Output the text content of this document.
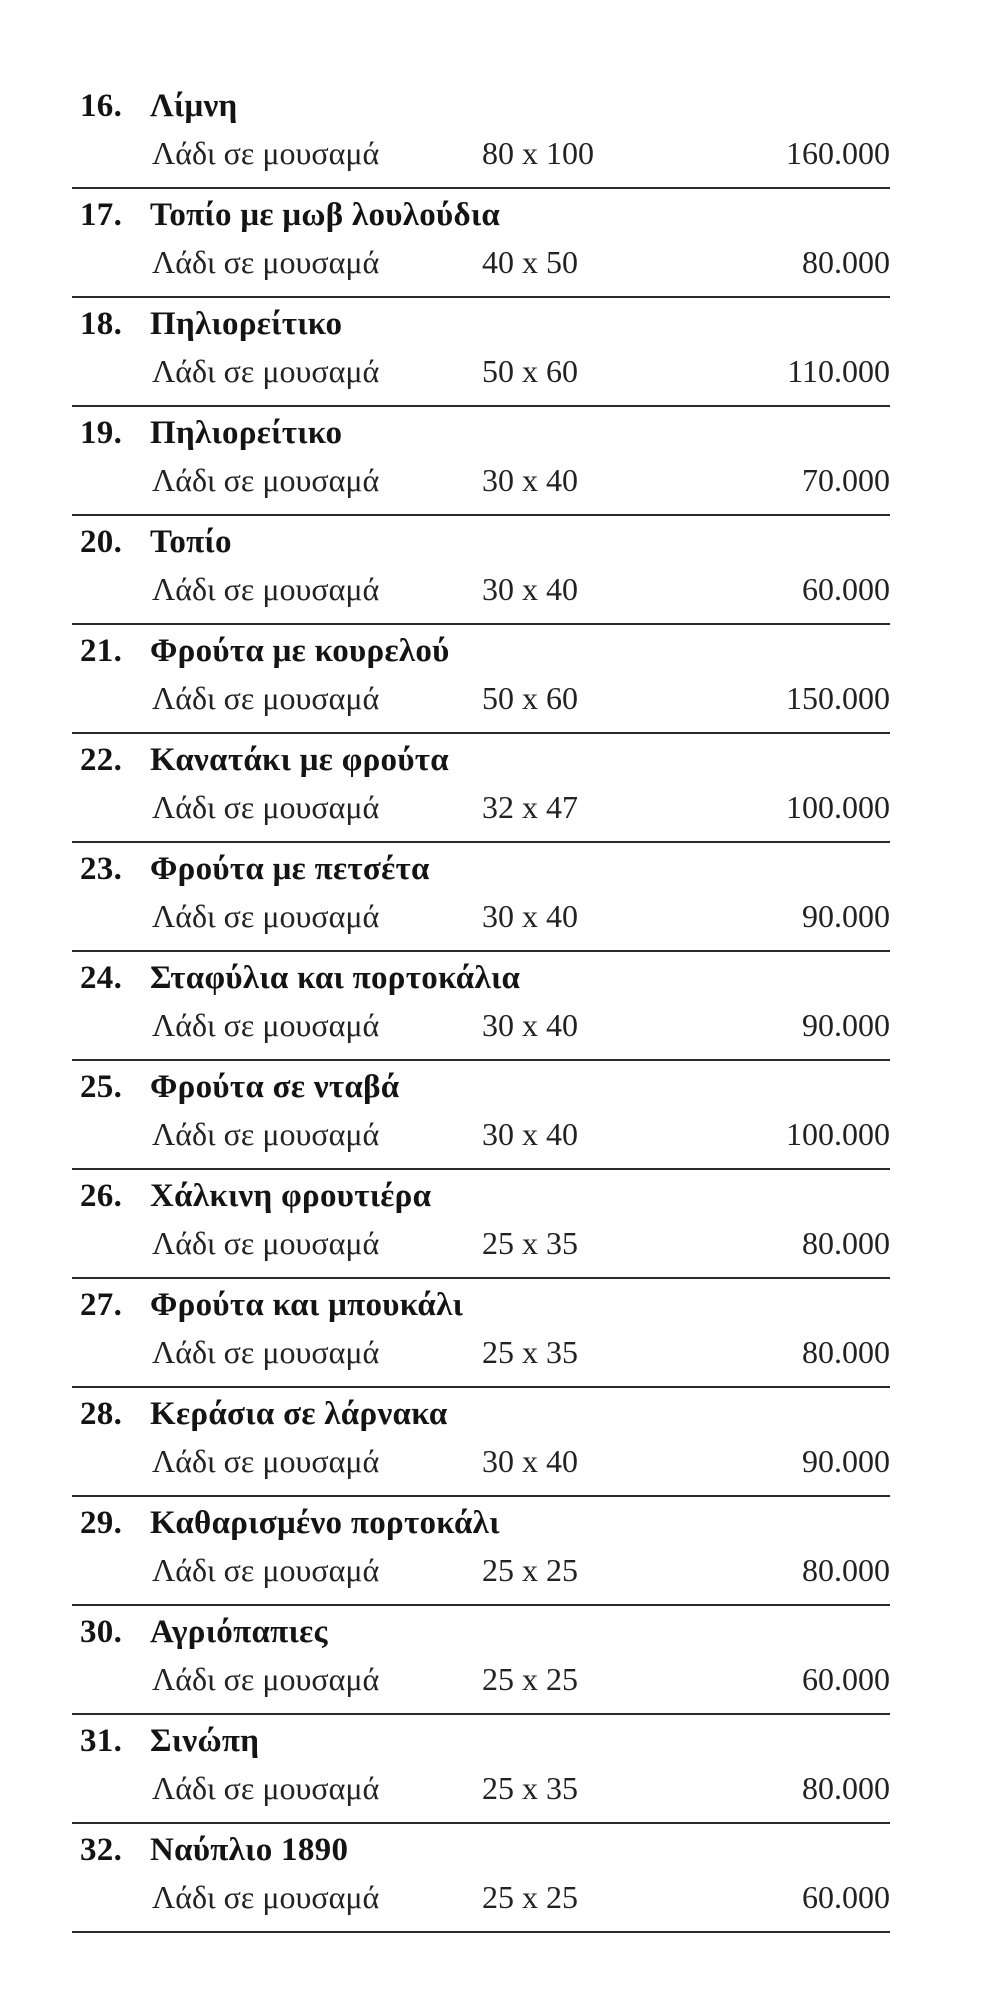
16. Λίμνη
Λάδι σε μουσαμά	80 x 100	160.000
17. Τοπίο με μωβ λουλούδια
Λάδι σε μουσαμά	40 x 50	80.000
18. Πηλιορείτικο
Λάδι σε μουσαμά	50 x 60	110.000
19. Πηλιορείτικο
Λάδι σε μουσαμά	30 x 40	70.000
20. Τοπίο
Λάδι σε μουσαμά	30 x 40	60.000
21. Φρούτα με κουρελού
Λάδι σε μουσαμά	50 x 60	150.000
22. Κανατάκι με φρούτα
Λάδι σε μουσαμά	32 x 47	100.000
23. Φρούτα με πετσέτα
Λάδι σε μουσαμά	30 x 40	90.000
24. Σταφύλια και πορτοκάλια
Λάδι σε μουσαμά	30 x 40	90.000
25. Φρούτα σε νταβά
Λάδι σε μουσαμά	30 x 40	100.000
26. Χάλκινη φρουτιέρα
Λάδι σε μουσαμά	25 x 35	80.000
27. Φρούτα και μπουκάλι
Λάδι σε μουσαμά	25 x 35	80.000
28. Κεράσια σε λάρνακα
Λάδι σε μουσαμά	30 x 40	90.000
29. Καθαρισμένο πορτοκάλι
Λάδι σε μουσαμά	25 x 25	80.000
30. Αγριόπαπιες
Λάδι σε μουσαμά	25 x 25	60.000
31. Σινώπη
Λάδι σε μουσαμά	25 x 35	80.000
32. Ναύπλιο 1890
Λάδι σε μουσαμά	25 x 25	60.000
